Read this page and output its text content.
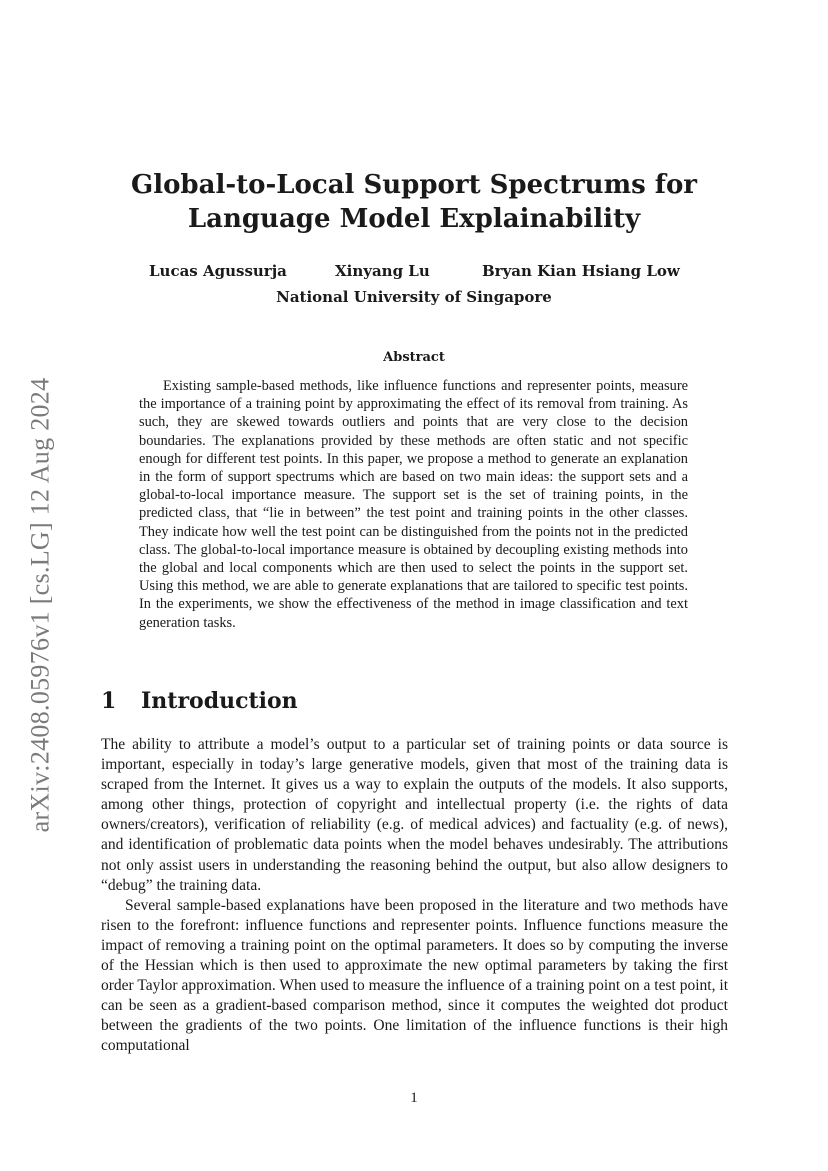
arXiv:2408.05976v1 [cs.LG] 12 Aug 2024
Global-to-Local Support Spectrums for
Language Model Explainability
Lucas Agussurja	Xinyang Lu	Bryan Kian Hsiang Low
National University of Singapore
Abstract

Existing sample-based methods, like influence functions and representer points, measure the importance of a training point by approximating the effect of its removal from training. As such, they are skewed towards outliers and points that are very close to the decision boundaries. The explanations provided by these methods are often static and not specific enough for different test points. In this paper, we propose a method to generate an explanation in the form of support spectrums which are based on two main ideas: the support sets and a global-to-local importance measure. The support set is the set of training points, in the predicted class, that “lie in between” the test point and training points in the other classes. They indicate how well the test point can be distinguished from the points not in the predicted class. The global-to-local importance measure is obtained by decoupling existing methods into the global and local components which are then used to select the points in the support set. Using this method, we are able to generate explanations that are tailored to specific test points. In the experiments, we show the effectiveness of the method in image classification and text generation tasks.

1 Introduction

The ability to attribute a model’s output to a particular set of training points or data source is important, especially in today’s large generative models, given that most of the training data is scraped from the Internet. It gives us a way to explain the outputs of the models. It also supports, among other things, protection of copyright and intellectual property (i.e. the rights of data owners/creators), verification of reliability (e.g. of medical advices) and factuality (e.g. of news), and identification of problematic data points when the model behaves undesirably. The attributions not only assist users in understanding the reasoning behind the output, but also allow designers to “debug” the training data.

Several sample-based explanations have been proposed in the literature and two methods have risen to the forefront: influence functions and representer points. Influence functions measure the impact of removing a training point on the optimal parameters. It does so by computing the inverse of the Hessian which is then used to approximate the new optimal parameters by taking the first order Taylor approximation. When used to measure the influence of a training point on a test point, it can be seen as a gradient-based comparison method, since it computes the weighted dot product between the gradients of the two points. One limitation of the influence functions is their high computational

1
